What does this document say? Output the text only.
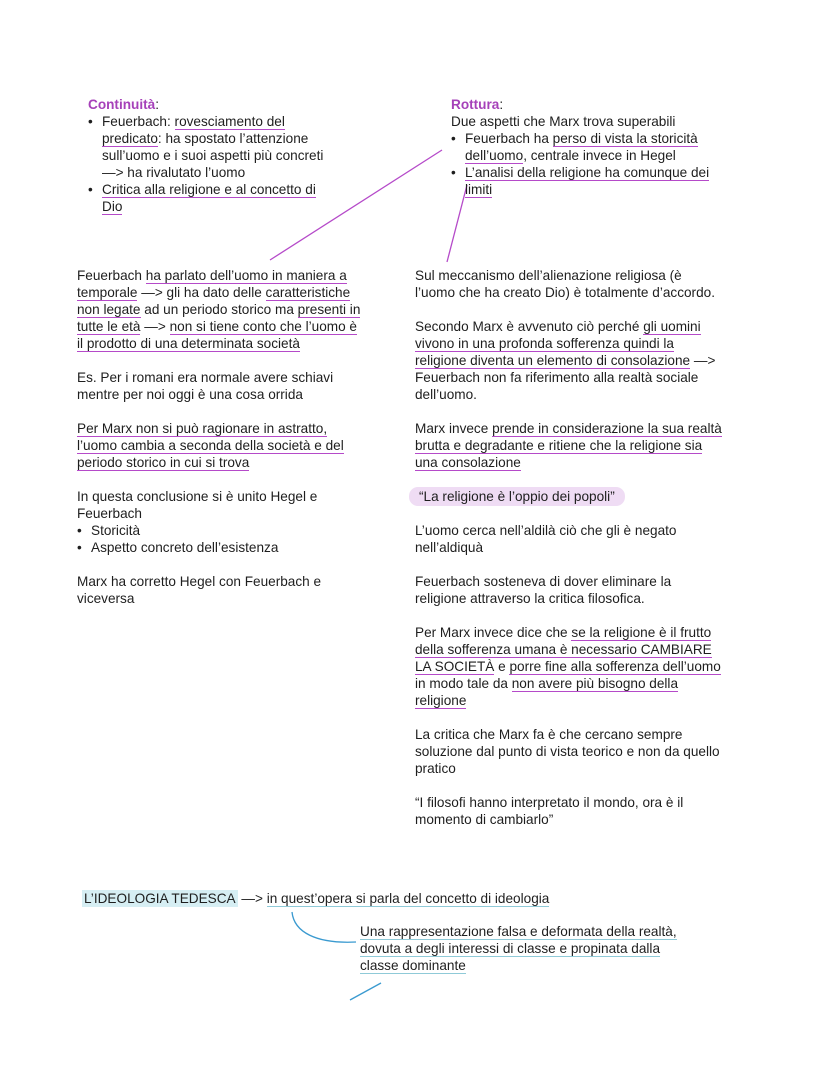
Continuità:
• Feuerbach: rovesciamento del
predicato: ha spostato l’attenzione
sull’uomo e i suoi aspetti più concreti
—> ha rivalutato l’uomo
• Critica alla religione e al concetto di
Dio
Rottura:
Due aspetti che Marx trova superabili
• Feuerbach ha perso di vista la storicità
dell’uomo, centrale invece in Hegel
• L’analisi della religione ha comunque dei
limiti
Feuerbach ha parlato dell’uomo in maniera a
temporale —> gli ha dato delle caratteristiche
non legate ad un periodo storico ma presenti in
tutte le età —> non si tiene conto che l’uomo è
il prodotto di una determinata società
Es. Per i romani era normale avere schiavi
mentre per noi oggi è una cosa orrida
Per Marx non si può ragionare in astratto,
l’uomo cambia a seconda della società e del
periodo storico in cui si trova
In questa conclusione si è unito Hegel e
Feuerbach
• Storicità
• Aspetto concreto dell’esistenza
Marx ha corretto Hegel con Feuerbach e
viceversa
Sul meccanismo dell’alienazione religiosa (è
l’uomo che ha creato Dio) è totalmente d’accordo.
Secondo Marx è avvenuto ciò perché gli uomini
vivono in una profonda sofferenza quindi la
religione diventa un elemento di consolazione —>
Feuerbach non fa riferimento alla realtà sociale
dell’uomo.
Marx invece prende in considerazione la sua realtà
brutta e degradante e ritiene che la religione sia
una consolazione
“La religione è l’oppio dei popoli”
L’uomo cerca nell’aldilà ciò che gli è negato
nell’aldiquà
Feuerbach sosteneva di dover eliminare la
religione attraverso la critica filosofica.
Per Marx invece dice che se la religione è il frutto
della sofferenza umana è necessario CAMBIARE
LA SOCIETÀ e porre fine alla sofferenza dell’uomo
in modo tale da non avere più bisogno della
religione
La critica che Marx fa è che cercano sempre
soluzione dal punto di vista teorico e non da quello
pratico
“I filosofi hanno interpretato il mondo, ora è il
momento di cambiarlo”
L’IDEOLOGIA TEDESCA —> in quest’opera si parla del concetto di ideologia
Una rappresentazione falsa e deformata della realtà,
dovuta a degli interessi di classe e propinata dalla
classe dominante
